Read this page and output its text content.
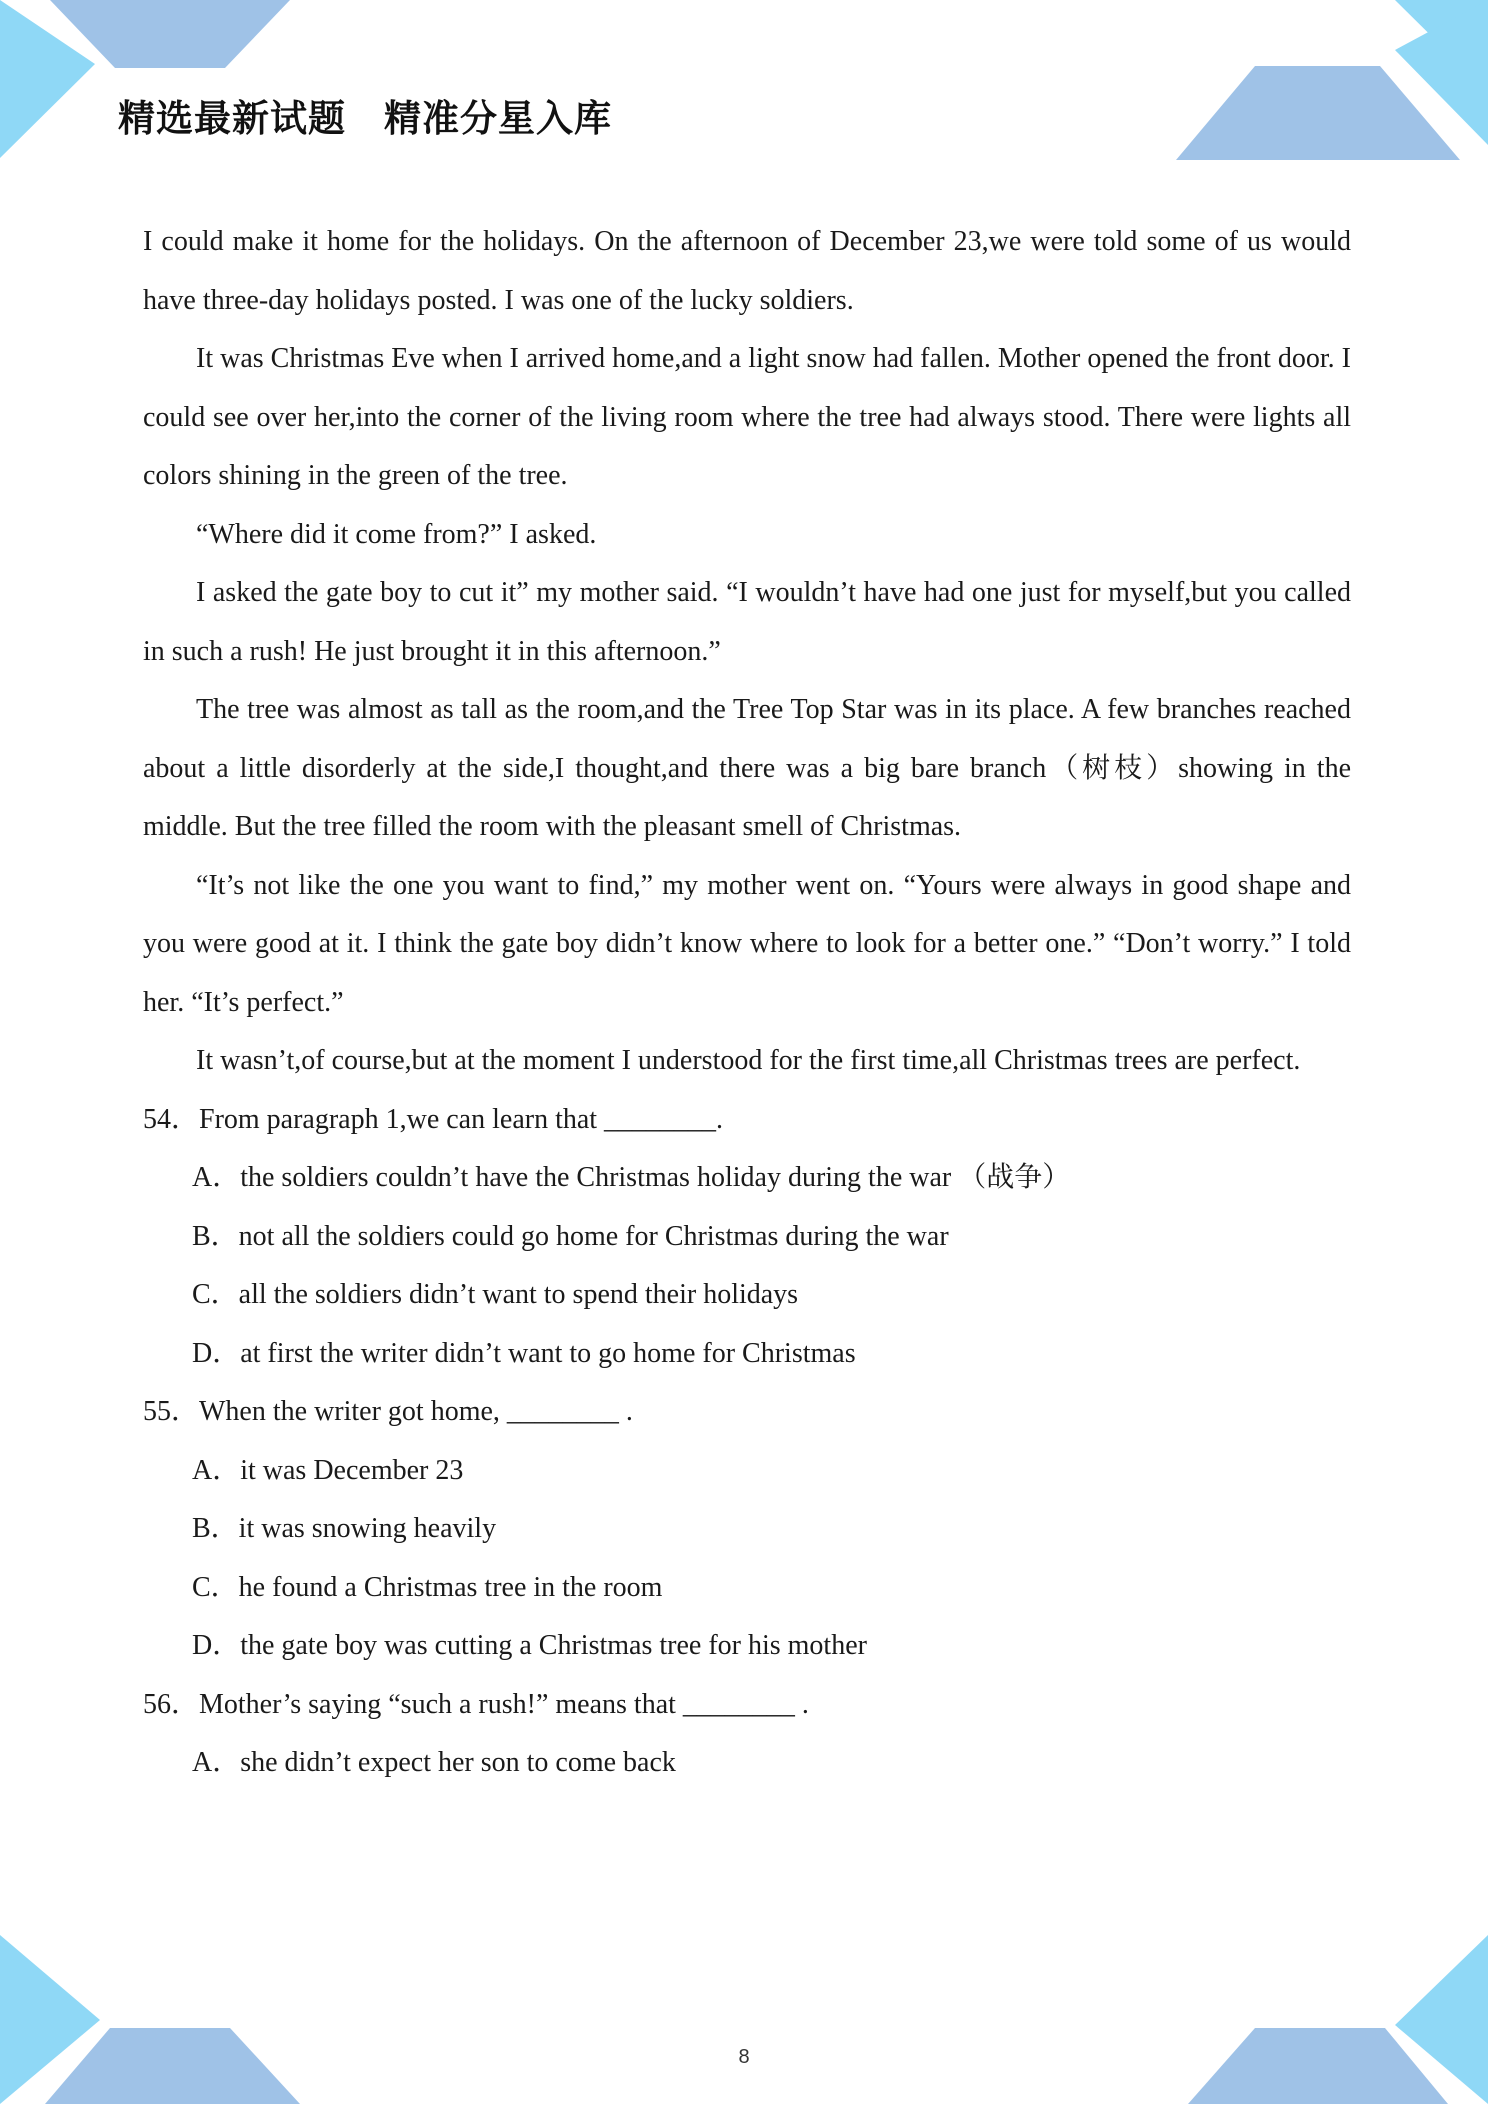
精选最新试题　精准分星入库

I could make it home for the holidays. On the afternoon of December 23,we were told some of us would have three-day holidays posted. I was one of the lucky soldiers.

It was Christmas Eve when I arrived home,and a light snow had fallen. Mother opened the front door. I could see over her,into the corner of the living room where the tree had always stood. There were lights all colors shining in the green of the tree.

“Where did it come from?” I asked.

I asked the gate boy to cut it” my mother said. “I wouldn’t have had one just for myself,but you called in such a rush! He just brought it in this afternoon.”

The tree was almost as tall as the room,and the Tree Top Star was in its place. A few branches reached about a little disorderly at the side,I thought,and there was a big bare branch（树枝）showing in the middle. But the tree filled the room with the pleasant smell of Christmas.

“It’s not like the one you want to find,” my mother went on. “Yours were always in good shape and you were good at it. I think the gate boy didn’t know where to look for a better one.” “Don’t worry.” I told her. “It’s perfect.”

It wasn’t,of course,but at the moment I understood for the first time,all Christmas trees are perfect.

54．From paragraph 1,we can learn that ________.

A．the soldiers couldn’t have the Christmas holiday during the war （战争）

B．not all the soldiers could go home for Christmas during the war

C．all the soldiers didn’t want to spend their holidays

D．at first the writer didn’t want to go home for Christmas

55．When the writer got home, ________ .

A．it was December 23

B．it was snowing heavily

C．he found a Christmas tree in the room

D．the gate boy was cutting a Christmas tree for his mother

56．Mother’s saying “such a rush!” means that ________ .

A．she didn’t expect her son to come back

8
